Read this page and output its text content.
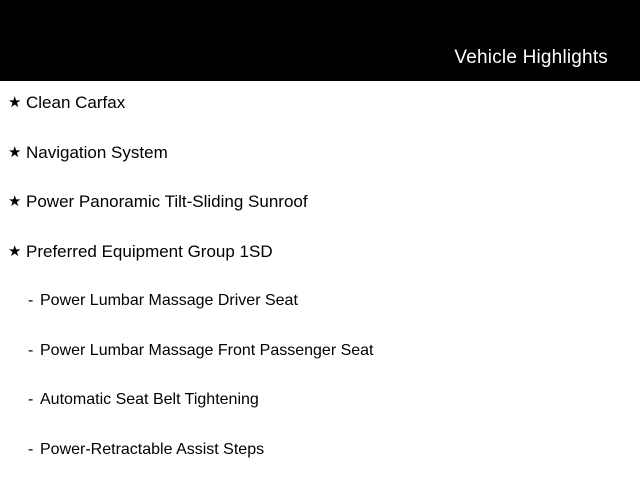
Vehicle Highlights
★ Clean Carfax
★ Navigation System
★ Power Panoramic Tilt-Sliding Sunroof
★ Preferred Equipment Group 1SD
- Power Lumbar Massage Driver Seat
- Power Lumbar Massage Front Passenger Seat
- Automatic Seat Belt Tightening
- Power-Retractable Assist Steps
